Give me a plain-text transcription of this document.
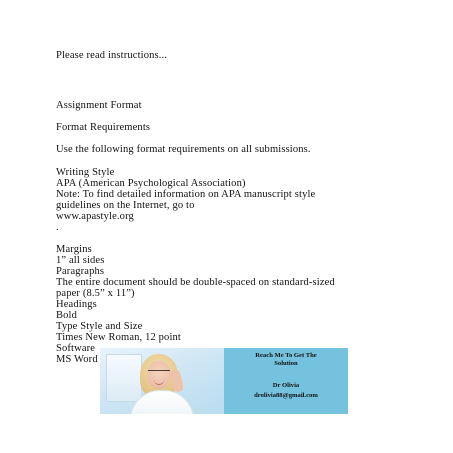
Please read instructions...
Assignment Format
Format Requirements
Use the following format requirements on all submissions.
Writing Style
APA (American Psychological Association)
Note: To find detailed information on APA manuscript style
guidelines on the Internet, go to
www.apastyle.org
.
Margins
1” all sides
Paragraphs
The entire document should be double-spaced on standard-sized
paper (8.5” x 11”)
Headings
Bold
Type Style and Size
Times New Roman, 12 point
Software
MS Word	Reach Me To Get The
Solution
Dr Olivia
drolivia88@gmail.com
